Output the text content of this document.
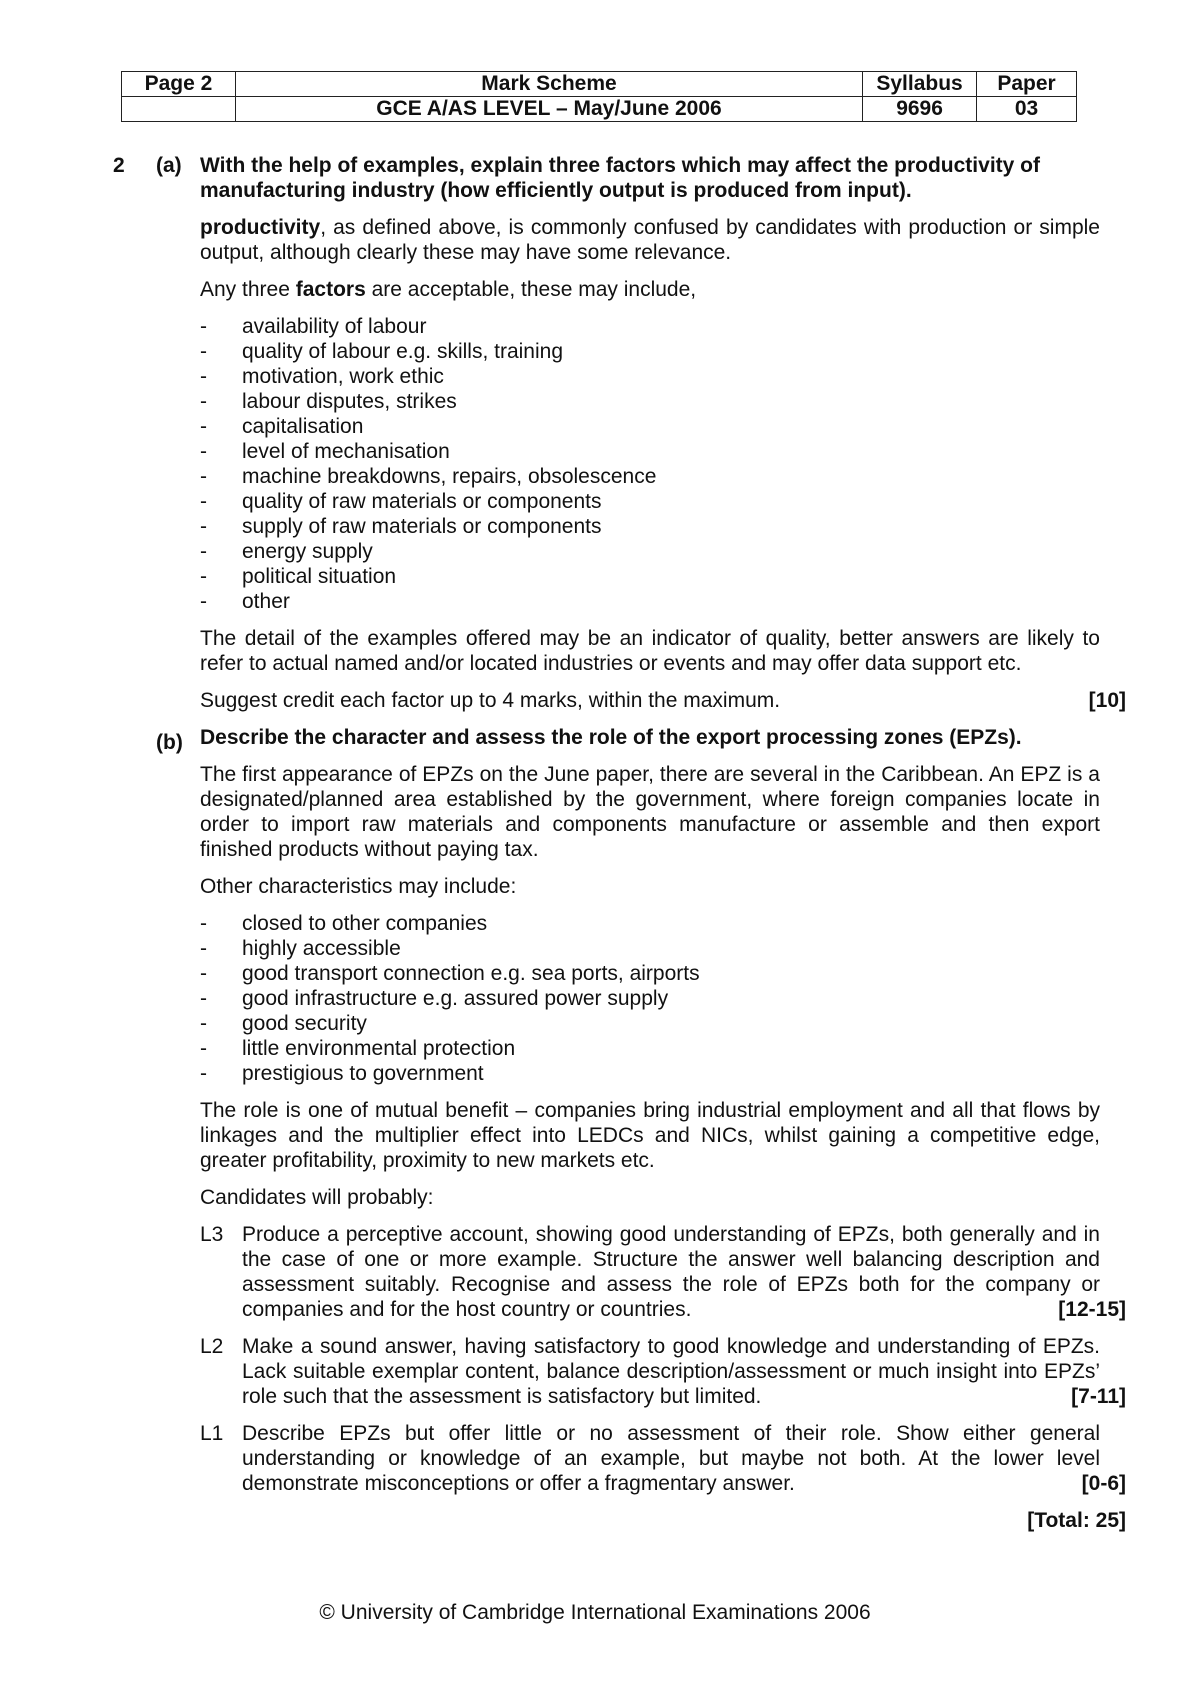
Page 2	Mark Scheme	Syllabus	Paper
	GCE A/AS LEVEL – May/June 2006	9696	03
2 (a)
(b)

With the help of examples, explain three factors which may affect the productivity of manufacturing industry (how efficiently output is produced from input).

productivity, as defined above, is commonly confused by candidates with production or simple output, although clearly these may have some relevance.

Any three factors are acceptable, these may include,

- availability of labour
- quality of labour e.g. skills, training
- motivation, work ethic
- labour disputes, strikes
- capitalisation
- level of mechanisation
- machine breakdowns, repairs, obsolescence
- quality of raw materials or components
- supply of raw materials or components
- energy supply
- political situation
- other

The detail of the examples offered may be an indicator of quality, better answers are likely to refer to actual named and/or located industries or events and may offer data support etc.

Suggest credit each factor up to 4 marks, within the maximum.	[10]

Describe the character and assess the role of the export processing zones (EPZs).

The first appearance of EPZs on the June paper, there are several in the Caribbean. An EPZ is a designated/planned area established by the government, where foreign companies locate in order to import raw materials and components manufacture or assemble and then export finished products without paying tax.

Other characteristics may include:

- closed to other companies
- highly accessible
- good transport connection e.g. sea ports, airports
- good infrastructure e.g. assured power supply
- good security
- little environmental protection
- prestigious to government

The role is one of mutual benefit – companies bring industrial employment and all that flows by linkages and the multiplier effect into LEDCs and NICs, whilst gaining a competitive edge, greater profitability, proximity to new markets etc.

Candidates will probably:

L3 Produce a perceptive account, showing good understanding of EPZs, both generally and in the case of one or more example. Structure the answer well balancing description and assessment suitably. Recognise and assess the role of EPZs both for the company or companies and for the host country or countries.	[12-15]
L2 Make a sound answer, having satisfactory to good knowledge and understanding of EPZs. Lack suitable exemplar content, balance description/assessment or much insight into EPZs’ role such that the assessment is satisfactory but limited.	[7-11]
L1 Describe EPZs but offer little or no assessment of their role. Show either general understanding or knowledge of an example, but maybe not both. At the lower level demonstrate misconceptions or offer a fragmentary answer.	[0-6]
[Total: 25]
© University of Cambridge International Examinations 2006
